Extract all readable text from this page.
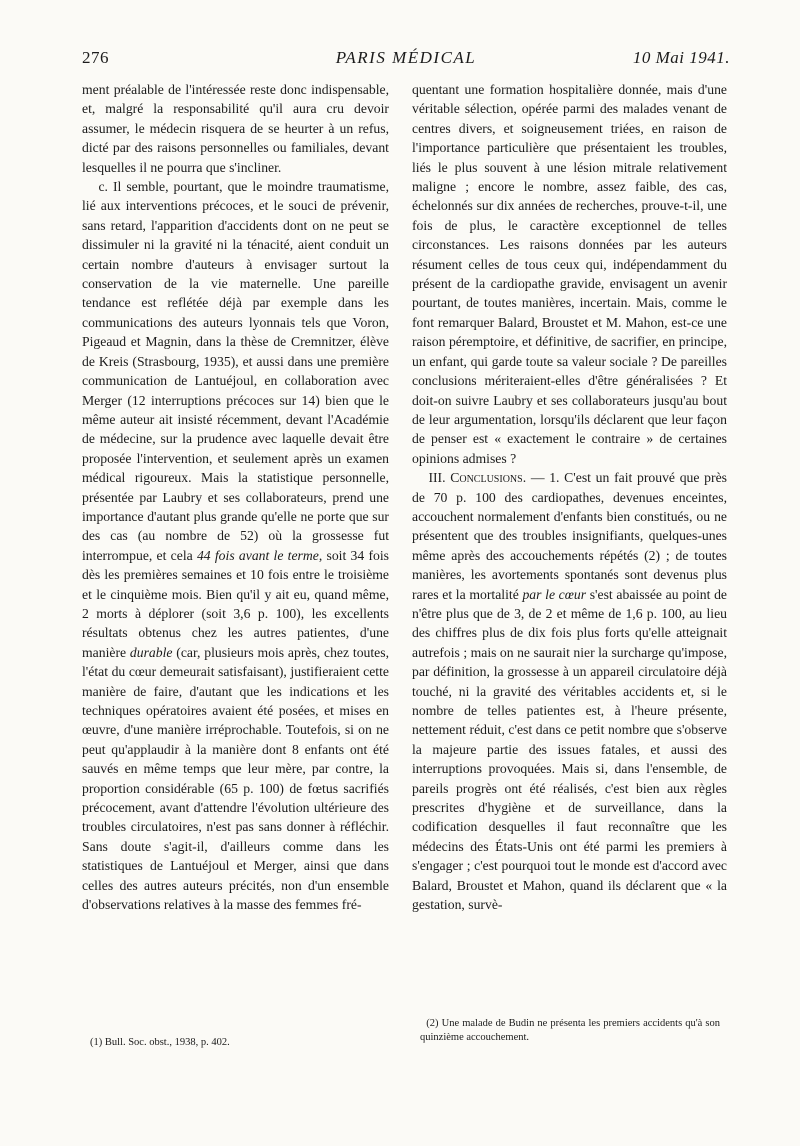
276	PARIS MÉDICAL	10 Mai 1941.

ment préalable de l'intéressée reste donc indispensable, et, malgré la responsabilité qu'il aura cru devoir assumer, le médecin risquera de se heurter à un refus, dicté par des raisons personnelles ou familiales, devant lesquelles il ne pourra que s'incliner.

c. Il semble, pourtant, que le moindre traumatisme, lié aux interventions précoces, et le souci de prévenir, sans retard, l'apparition d'accidents dont on ne peut se dissimuler ni la gravité ni la ténacité, aient conduit un certain nombre d'auteurs à envisager surtout la conservation de la vie maternelle. Une pareille tendance est reflétée déjà par exemple dans les communications des auteurs lyonnais tels que Voron, Pigeaud et Magnin, dans la thèse de Cremnitzer, élève de Kreis (Strasbourg, 1935), et aussi dans une première communication de Lantuéjoul, en collaboration avec Merger (12 interruptions précoces sur 14) bien que le même auteur ait insisté récemment, devant l'Académie de médecine, sur la prudence avec laquelle devait être proposée l'intervention, et seulement après un examen médical rigoureux. Mais la statistique personnelle, présentée par Laubry et ses collaborateurs, prend une importance d'autant plus grande qu'elle ne porte que sur des cas (au nombre de 52) où la grossesse fut interrompue, et cela 44 fois avant le terme, soit 34 fois dès les premières semaines et 10 fois entre le troisième et le cinquième mois. Bien qu'il y ait eu, quand même, 2 morts à déplorer (soit 3,6 p. 100), les excellents résultats obtenus chez les autres patientes, d'une manière durable (car, plusieurs mois après, chez toutes, l'état du cœur demeurait satisfaisant), justifieraient cette manière de faire, d'autant que les indications et les techniques opératoires avaient été posées, et mises en œuvre, d'une manière irréprochable. Toutefois, si on ne peut qu'applaudir à la manière dont 8 enfants ont été sauvés en même temps que leur mère, par contre, la proportion considérable (65 p. 100) de fœtus sacrifiés précocement, avant d'attendre l'évolution ultérieure des troubles circulatoires, n'est pas sans donner à réfléchir. Sans doute s'agit-il, d'ailleurs comme dans les statistiques de Lantuéjoul et Merger, ainsi que dans celles des autres auteurs précités, non d'un ensemble d'observations relatives à la masse des femmes fré-

quentant une formation hospitalière donnée, mais d'une véritable sélection, opérée parmi des malades venant de centres divers, et soigneusement triées, en raison de l'importance particulière que présentaient les troubles, liés le plus souvent à une lésion mitrale relativement maligne ; encore le nombre, assez faible, des cas, échelonnés sur dix années de recherches, prouve-t-il, une fois de plus, le caractère exceptionnel de telles circonstances. Les raisons données par les auteurs résument celles de tous ceux qui, indépendamment du présent de la cardiopathe gravide, envisagent un avenir pourtant, de toutes manières, incertain. Mais, comme le font remarquer Balard, Broustet et M. Mahon, est-ce une raison péremptoire, et définitive, de sacrifier, en principe, un enfant, qui garde toute sa valeur sociale ? De pareilles conclusions mériteraient-elles d'être généralisées ? Et doit-on suivre Laubry et ses collaborateurs jusqu'au bout de leur argumentation, lorsqu'ils déclarent que leur façon de penser est « exactement le contraire » de certaines opinions admises ?

III. Conclusions. — 1. C'est un fait prouvé que près de 70 p. 100 des cardiopathes, devenues enceintes, accouchent normalement d'enfants bien constitués, ou ne présentent que des troubles insignifiants, quelques-unes même après des accouchements répétés (2) ; de toutes manières, les avortements spontanés sont devenus plus rares et la mortalité par le cœur s'est abaissée au point de n'être plus que de 3, de 2 et même de 1,6 p. 100, au lieu des chiffres plus de dix fois plus forts qu'elle atteignait autrefois ; mais on ne saurait nier la surcharge qu'impose, par définition, la grossesse à un appareil circulatoire déjà touché, ni la gravité des véritables accidents et, si le nombre de telles patientes est, à l'heure présente, nettement réduit, c'est dans ce petit nombre que s'observe la majeure partie des issues fatales, et aussi des interruptions provoquées. Mais si, dans l'ensemble, de pareils progrès ont été réalisés, c'est bien aux règles prescrites d'hygiène et de surveillance, dans la codification desquelles il faut reconnaître que les médecins des États-Unis ont été parmi les premiers à s'engager ; c'est pourquoi tout le monde est d'accord avec Balard, Broustet et Mahon, quand ils déclarent que « la gestation, survè-

(1) Bull. Soc. obst., 1938, p. 402.

(2) Une malade de Budin ne présenta les premiers accidents qu'à son quinzième accouchement.
